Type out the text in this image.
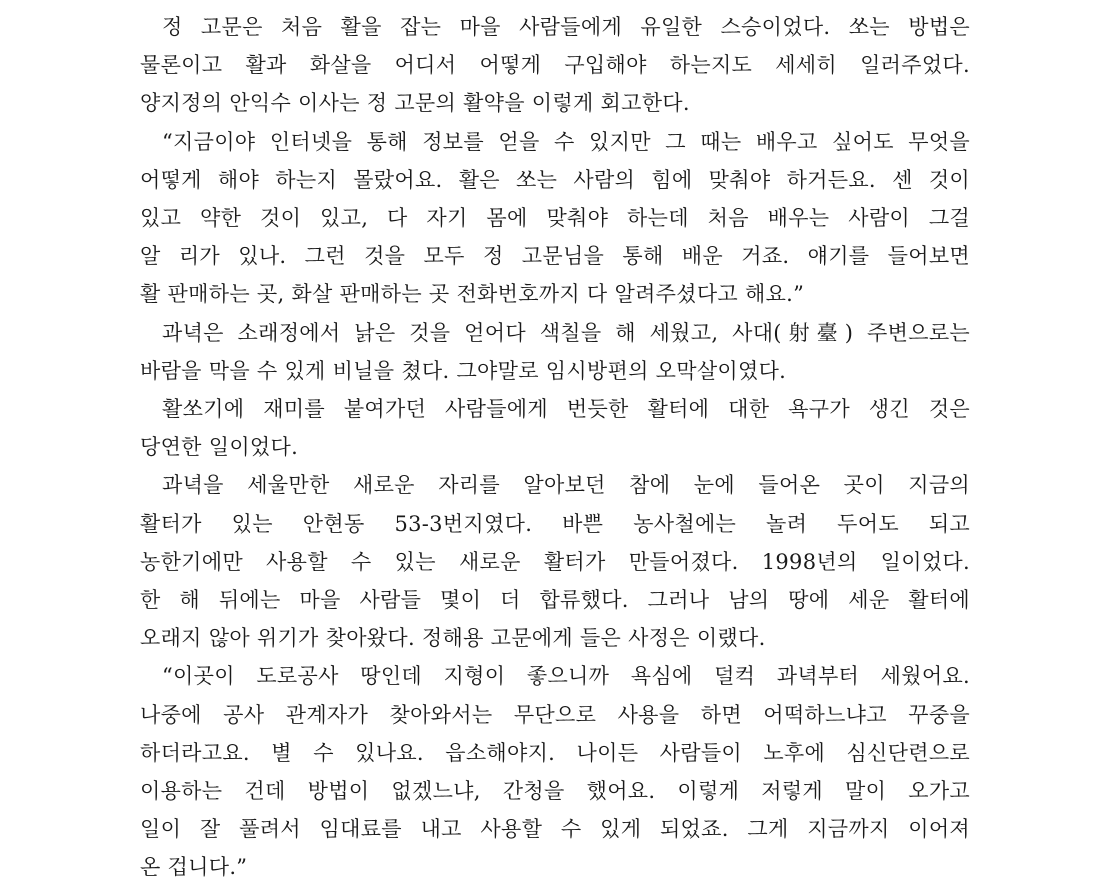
정 고문은 처음 활을 잡는 마을 사람들에게 유일한 스승이었다. 쏘는 방법은
물론이고 활과 화살을 어디서 어떻게 구입해야 하는지도 세세히 일러주었다.
양지정의 안익수 이사는 정 고문의 활약을 이렇게 회고한다.

“지금이야 인터넷을 통해 정보를 얻을 수 있지만 그 때는 배우고 싶어도 무엇을
어떻게 해야 하는지 몰랐어요. 활은 쏘는 사람의 힘에 맞춰야 하거든요. 센 것이
있고 약한 것이 있고, 다 자기 몸에 맞춰야 하는데 처음 배우는 사람이 그걸
알 리가 있나. 그런 것을 모두 정 고문님을 통해 배운 거죠. 얘기를 들어보면
활 판매하는 곳, 화살 판매하는 곳 전화번호까지 다 알려주셨다고 해요.”

과녁은 소래정에서 낡은 것을 얻어다 색칠을 해 세웠고, 사대(射臺) 주변으로는
바람을 막을 수 있게 비닐을 쳤다. 그야말로 임시방편의 오막살이였다.

활쏘기에 재미를 붙여가던 사람들에게 번듯한 활터에 대한 욕구가 생긴 것은
당연한 일이었다.

과녁을 세울만한 새로운 자리를 알아보던 참에 눈에 들어온 곳이 지금의
활터가 있는 안현동 53-3번지였다. 바쁜 농사철에는 놀려 두어도 되고
농한기에만 사용할 수 있는 새로운 활터가 만들어졌다. 1998년의 일이었다.
한 해 뒤에는 마을 사람들 몇이 더 합류했다. 그러나 남의 땅에 세운 활터에
오래지 않아 위기가 찾아왔다. 정해용 고문에게 들은 사정은 이랬다.

“이곳이 도로공사 땅인데 지형이 좋으니까 욕심에 덜컥 과녁부터 세웠어요.
나중에 공사 관계자가 찾아와서는 무단으로 사용을 하면 어떡하느냐고 꾸중을
하더라고요. 별 수 있나요. 읍소해야지. 나이든 사람들이 노후에 심신단련으로
이용하는 건데 방법이 없겠느냐, 간청을 했어요. 이렇게 저렇게 말이 오가고
일이 잘 풀려서 임대료를 내고 사용할 수 있게 되었죠. 그게 지금까지 이어져
온 겁니다.”
